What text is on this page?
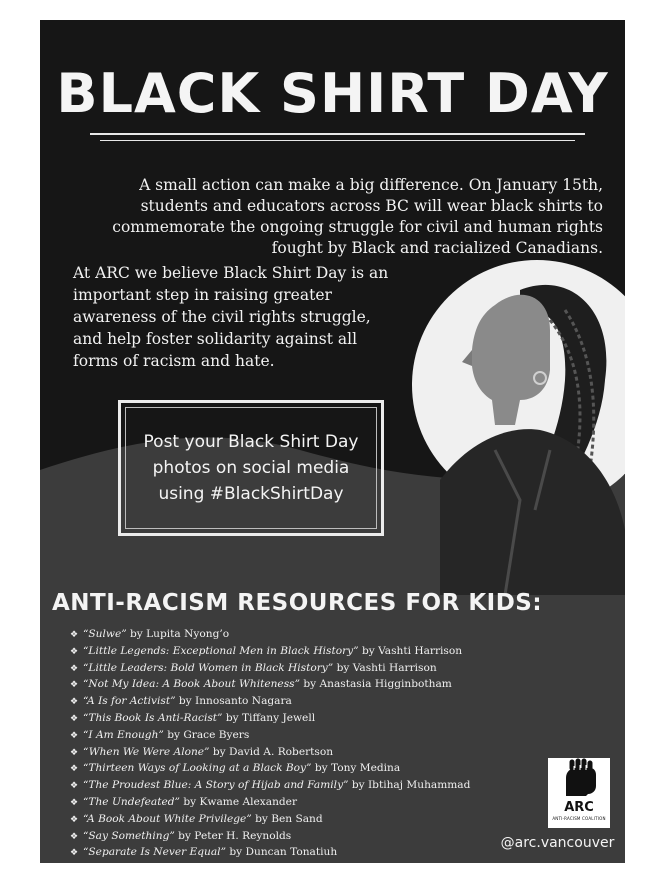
BLACK SHIRT DAY
A small action can make a big difference. On January 15th, students and educators across BC will wear black shirts to commemorate the ongoing struggle for civil and human rights fought by Black and racialized Canadians.
At ARC we believe Black Shirt Day is an important step in raising greater awareness of the civil rights struggle, and help foster solidarity against all forms of racism and hate.
Post your Black Shirt Day photos on social media using #BlackShirtDay
ANTI-RACISM RESOURCES FOR KIDS:
❖ “Sulwe” by Lupita Nyong’o
❖ “Little Legends: Exceptional Men in Black History” by Vashti Harrison
❖ “Little Leaders: Bold Women in Black History” by Vashti Harrison
❖ “Not My Idea: A Book About Whiteness” by Anastasia Higginbotham
❖ “A Is for Activist” by Innosanto Nagara
❖ “This Book Is Anti-Racist” by Tiffany Jewell
❖ “I Am Enough” by Grace Byers
❖ “When We Were Alone” by David A. Robertson
❖ “Thirteen Ways of Looking at a Black Boy” by Tony Medina
❖ “The Proudest Blue: A Story of Hijab and Family” by Ibtihaj Muhammad
❖ “The Undefeated” by Kwame Alexander
❖ “A Book About White Privilege” by Ben Sand
❖ “Say Something” by Peter H. Reynolds
❖ “Separate Is Never Equal” by Duncan Tonatiuh
ARC
ANTI-RACISM COALITION
@arc.vancouver
